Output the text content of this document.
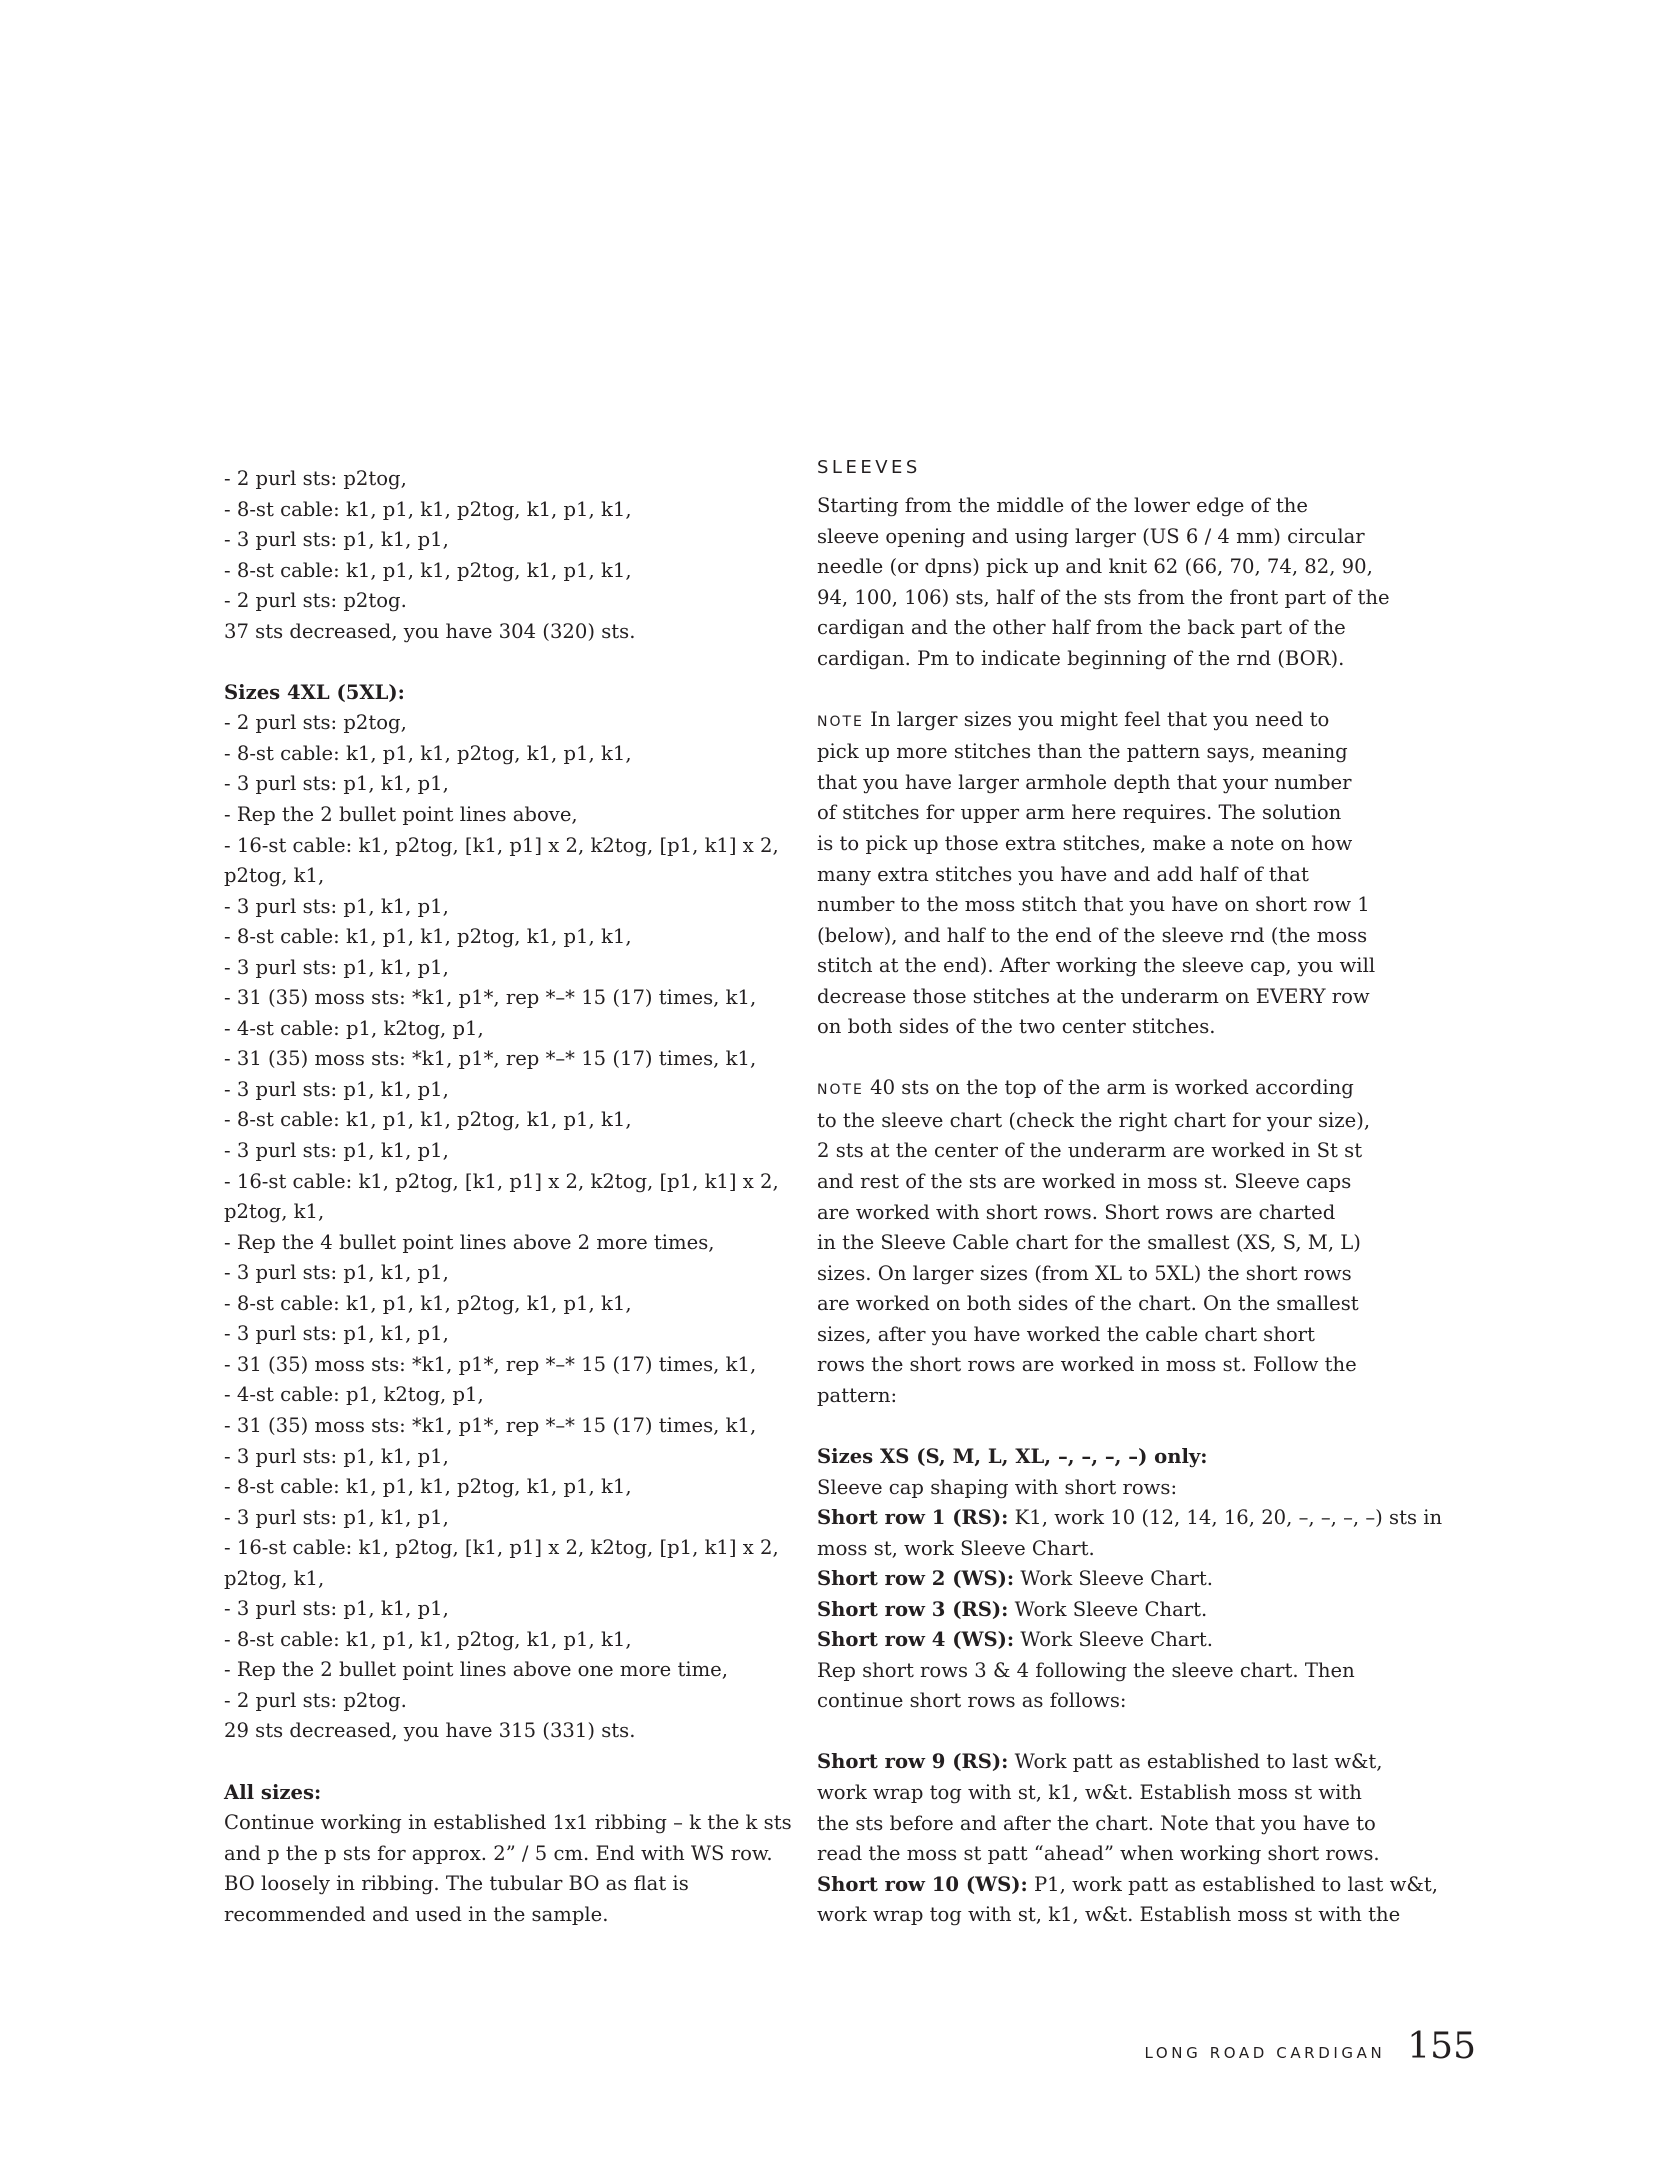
- 2 purl sts: p2tog,
- 8-st cable: k1, p1, k1, p2tog, k1, p1, k1,
- 3 purl sts: p1, k1, p1,
- 8-st cable: k1, p1, k1, p2tog, k1, p1, k1,
- 2 purl sts: p2tog.
37 sts decreased, you have 304 (320) sts.
Sizes 4XL (5XL):
- 2 purl sts: p2tog,
- 8-st cable: k1, p1, k1, p2tog, k1, p1, k1,
- 3 purl sts: p1, k1, p1,
- Rep the 2 bullet point lines above,
- 16-st cable: k1, p2tog, [k1, p1] x 2, k2tog, [p1, k1] x 2,
p2tog, k1,
- 3 purl sts: p1, k1, p1,
- 8-st cable: k1, p1, k1, p2tog, k1, p1, k1,
- 3 purl sts: p1, k1, p1,
- 31 (35) moss sts: *k1, p1*, rep *–* 15 (17) times, k1,
- 4-st cable: p1, k2tog, p1,
- 31 (35) moss sts: *k1, p1*, rep *–* 15 (17) times, k1,
- 3 purl sts: p1, k1, p1,
- 8-st cable: k1, p1, k1, p2tog, k1, p1, k1,
- 3 purl sts: p1, k1, p1,
- 16-st cable: k1, p2tog, [k1, p1] x 2, k2tog, [p1, k1] x 2,
p2tog, k1,
- Rep the 4 bullet point lines above 2 more times,
- 3 purl sts: p1, k1, p1,
- 8-st cable: k1, p1, k1, p2tog, k1, p1, k1,
- 3 purl sts: p1, k1, p1,
- 31 (35) moss sts: *k1, p1*, rep *–* 15 (17) times, k1,
- 4-st cable: p1, k2tog, p1,
- 31 (35) moss sts: *k1, p1*, rep *–* 15 (17) times, k1,
- 3 purl sts: p1, k1, p1,
- 8-st cable: k1, p1, k1, p2tog, k1, p1, k1,
- 3 purl sts: p1, k1, p1,
- 16-st cable: k1, p2tog, [k1, p1] x 2, k2tog, [p1, k1] x 2,
p2tog, k1,
- 3 purl sts: p1, k1, p1,
- 8-st cable: k1, p1, k1, p2tog, k1, p1, k1,
- Rep the 2 bullet point lines above one more time,
- 2 purl sts: p2tog.
29 sts decreased, you have 315 (331) sts.
All sizes:
Continue working in established 1x1 ribbing – k the k sts
and p the p sts for approx. 2” / 5 cm. End with WS row.
BO loosely in ribbing. The tubular BO as flat is
recommended and used in the sample.
SLEEVES
Starting from the middle of the lower edge of the
sleeve opening and using larger (US 6 / 4 mm) circular
needle (or dpns) pick up and knit 62 (66, 70, 74, 82, 90,
94, 100, 106) sts, half of the sts from the front part of the
cardigan and the other half from the back part of the
cardigan. Pm to indicate beginning of the rnd (BOR).
NOTE In larger sizes you might feel that you need to
pick up more stitches than the pattern says, meaning
that you have larger armhole depth that your number
of stitches for upper arm here requires. The solution
is to pick up those extra stitches, make a note on how
many extra stitches you have and add half of that
number to the moss stitch that you have on short row 1
(below), and half to the end of the sleeve rnd (the moss
stitch at the end). After working the sleeve cap, you will
decrease those stitches at the underarm on EVERY row
on both sides of the two center stitches.
NOTE 40 sts on the top of the arm is worked according
to the sleeve chart (check the right chart for your size),
2 sts at the center of the underarm are worked in St st
and rest of the sts are worked in moss st. Sleeve caps
are worked with short rows. Short rows are charted
in the Sleeve Cable chart for the smallest (XS, S, M, L)
sizes. On larger sizes (from XL to 5XL) the short rows
are worked on both sides of the chart. On the smallest
sizes, after you have worked the cable chart short
rows the short rows are worked in moss st. Follow the
pattern:
Sizes XS (S, M, L, XL, –, –, –, –) only:
Sleeve cap shaping with short rows:
Short row 1 (RS): K1, work 10 (12, 14, 16, 20, –, –, –, –) sts in
moss st, work Sleeve Chart.
Short row 2 (WS): Work Sleeve Chart.
Short row 3 (RS): Work Sleeve Chart.
Short row 4 (WS): Work Sleeve Chart.
Rep short rows 3 & 4 following the sleeve chart. Then
continue short rows as follows:
Short row 9 (RS): Work patt as established to last w&t,
work wrap tog with st, k1, w&t. Establish moss st with
the sts before and after the chart. Note that you have to
read the moss st patt “ahead” when working short rows.
Short row 10 (WS): P1, work patt as established to last w&t,
work wrap tog with st, k1, w&t. Establish moss st with the
LONG ROAD CARDIGAN 155
